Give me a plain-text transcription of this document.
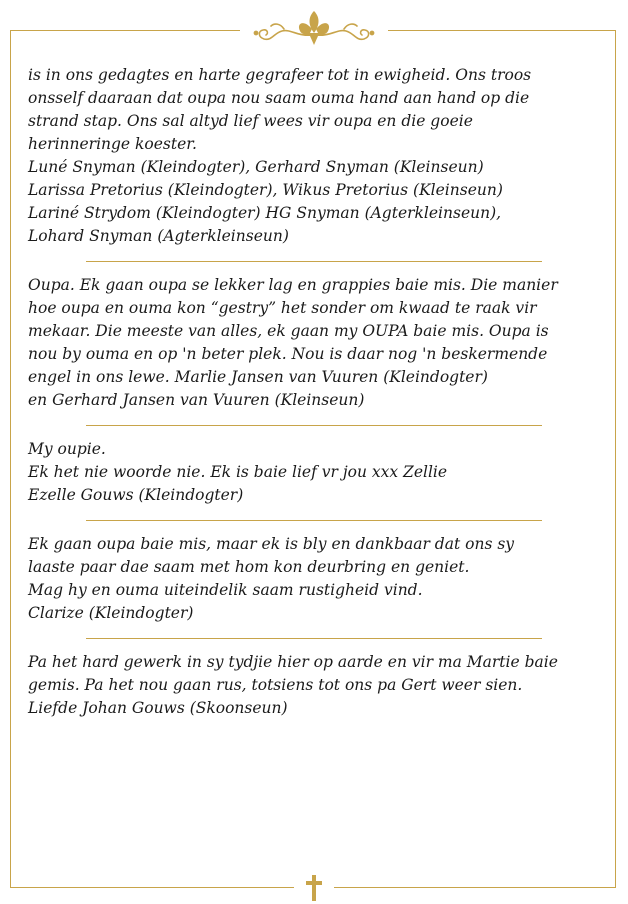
is in ons gedagtes en harte gegrafeer tot in ewigheid. Ons troos
onsself daaraan dat oupa nou saam ouma hand aan hand op die
strand stap. Ons sal altyd lief wees vir oupa en die goeie
herinneringe koester.
Luné Snyman (Kleindogter), Gerhard Snyman (Kleinseun)
Larissa Pretorius (Kleindogter), Wikus Pretorius (Kleinseun)
Lariné Strydom (Kleindogter) HG Snyman (Agterkleinseun),
Lohard Snyman (Agterkleinseun)
Oupa. Ek gaan oupa se lekker lag en grappies baie mis. Die manier
hoe oupa en ouma kon “gestry” het sonder om kwaad te raak vir
mekaar. Die meeste van alles, ek gaan my OUPA baie mis. Oupa is
nou by ouma en op 'n beter plek. Nou is daar nog 'n beskermende
engel in ons lewe. Marlie Jansen van Vuuren (Kleindogter)
en Gerhard Jansen van Vuuren (Kleinseun)
My oupie.
Ek het nie woorde nie. Ek is baie lief vr jou xxx Zellie
Ezelle Gouws (Kleindogter)
Ek gaan oupa baie mis, maar ek is bly en dankbaar dat ons sy
laaste paar dae saam met hom kon deurbring en geniet.
Mag hy en ouma uiteindelik saam rustigheid vind.
Clarize (Kleindogter)
Pa het hard gewerk in sy tydjie hier op aarde en vir ma Martie baie
gemis. Pa het nou gaan rus, totsiens tot ons pa Gert weer sien.
Liefde Johan Gouws (Skoonseun)
